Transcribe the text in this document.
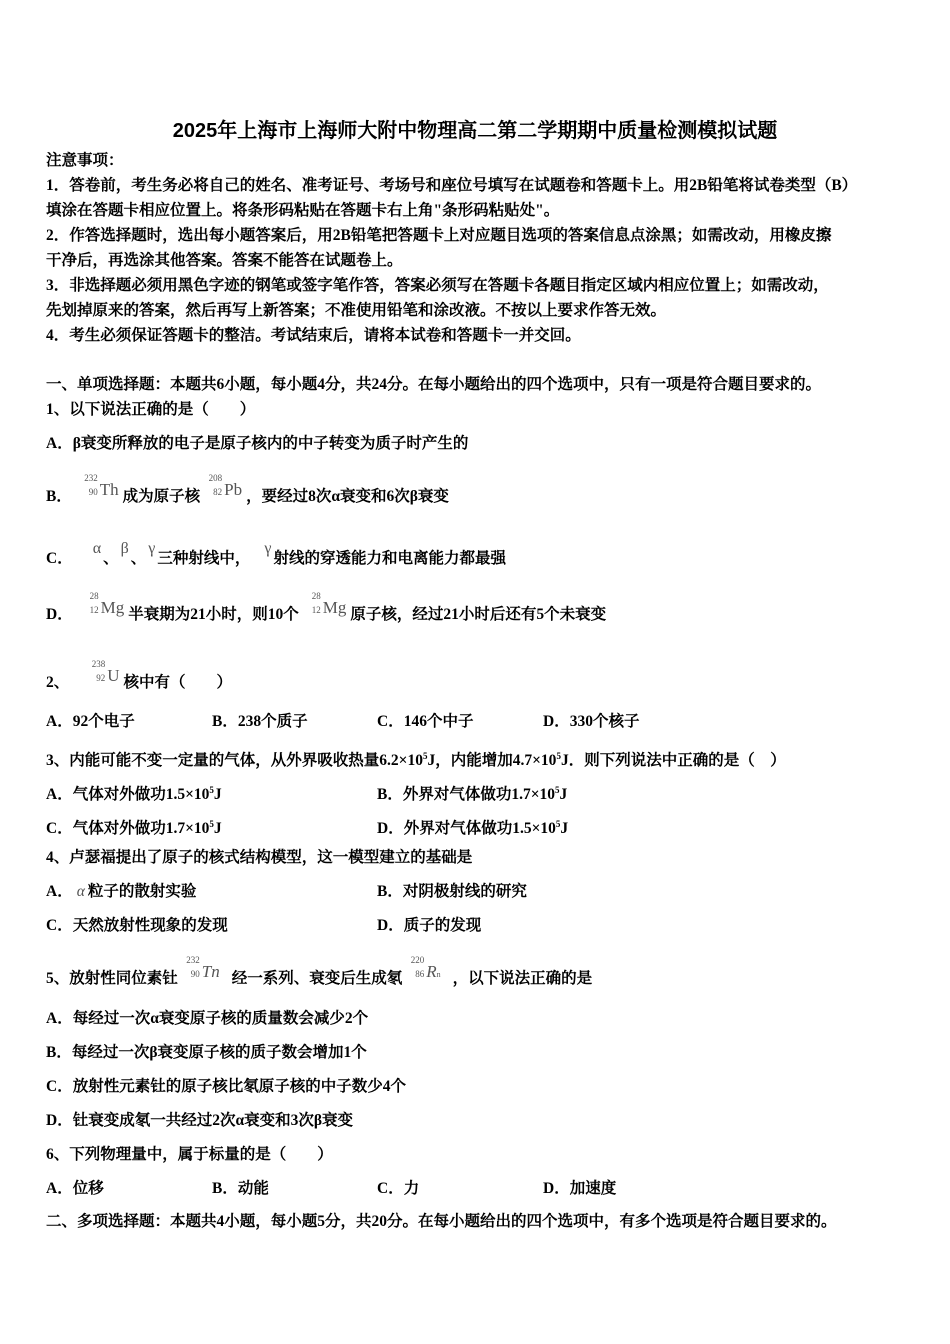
2025年上海市上海师大附中物理高二第二学期期中质量检测模拟试题
注意事项：
1．答卷前，考生务必将自己的姓名、准考证号、考场号和座位号填写在试题卷和答题卡上。用2B铅笔将试卷类型（B）
填涂在答题卡相应位置上。将条形码粘贴在答题卡右上角"条形码粘贴处"。
2．作答选择题时，选出每小题答案后，用2B铅笔把答题卡上对应题目选项的答案信息点涂黑；如需改动，用橡皮擦
干净后，再选涂其他答案。答案不能答在试题卷上。
3．非选择题必须用黑色字迹的钢笔或签字笔作答，答案必须写在答题卡各题目指定区域内相应位置上；如需改动，
先划掉原来的答案，然后再写上新答案；不准使用铅笔和涂改液。不按以上要求作答无效。
4．考生必须保证答题卡的整洁。考试结束后，请将本试卷和答题卡一并交回。
一、单项选择题：本题共6小题，每小题4分，共24分。在每小题给出的四个选项中，只有一项是符合题目要求的。
1、以下说法正确的是（　　）
A．β衰变所释放的电子是原子核内的中子转变为质子时产生的
B．
232
90 Th 成为原子核
208
82 Pb ，要经过8次α衰变和6次β衰变
C．α、β、γ三种射线中，γ射线的穿透能力和电离能力都最强
D．
28
12 Mg 半衰期为21小时，则10个
28
12 Mg 原子核，经过21小时后还有5个未衰变
2、
238
92 U 核中有（　　）
A．92个电子	B．238个质子	C．146个中子	D．330个核子
3、内能可能不变一定量的气体，从外界吸收热量$6.2\times 10^5J$，内能增加$4.7\times 10^5J$．则下列说法中正确的是（　）
A．气体对外做功$1.5\times 10^5J$	B．外界对气体做功$1.7\times 10^5J$
C．气体对外做功$1.7\times 10^5J$	D．外界对气体做功$1.5\times 10^5J$
4、卢瑟福提出了原子的核式结构模型，这一模型建立的基础是
A． α 粒子的散射实验	B．对阴极射线的研究
C．天然放射性现象的发现	D．质子的发现
5、放射性同位素钍
232
90 Tn 经一系列、衰变后生成氡
220
86 Rn ，以下说法正确的是
A．每经过一次α衰变原子核的质量数会减少2个
B．每经过一次β衰变原子核的质子数会增加1个
C．放射性元素钍的原子核比氡原子核的中子数少4个
D．钍衰变成氡一共经过2次α衰变和3次β衰变
6、下列物理量中，属于标量的是（　　）
A．位移	B．动能	C．力	D．加速度
二、多项选择题：本题共4小题，每小题5分，共20分。在每小题给出的四个选项中，有多个选项是符合题目要求的。
